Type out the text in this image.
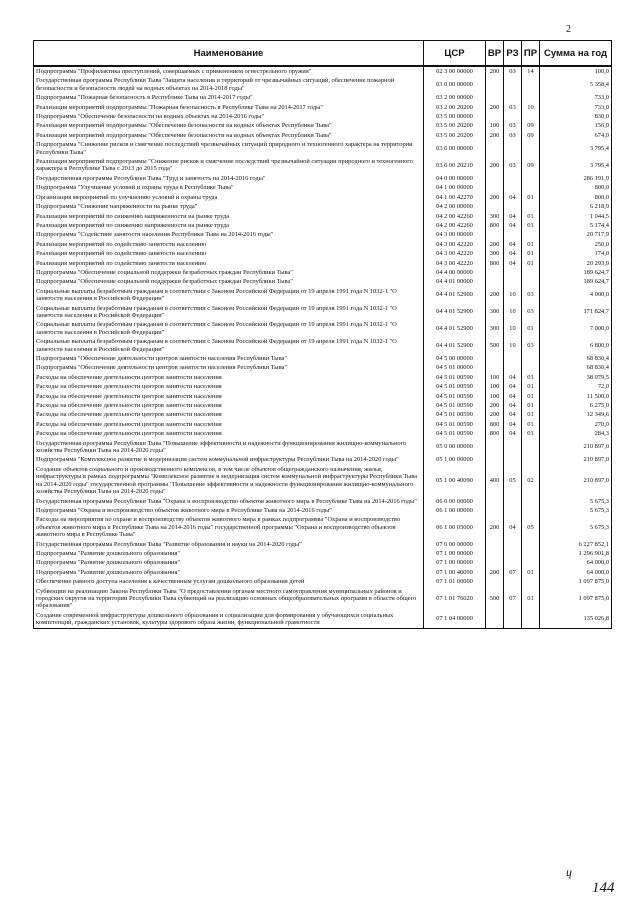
2
Наименование	ЦСР	ВР	РЗ	ПР	Сумма на год
Подпрограмма "Профилактика преступлений, совершаемых с применением огнестрельного оружия"	02 3 00 00000	200	03	14	100,0
Государственная программа Республики Тыва "Защита населения и территорий от чрезвычайных ситуаций, обеспечение пожарной безопасности и безопасности людей на водных объектах на 2014-2018 годы"	03 0 00 00000				5 358,4
Подпрограмма "Пожарная безопасность в Республике Тыва на 2014-2017 годы"	03 2 00 00000				733,0
Реализация мероприятий подпрограммы "Пожарная безопасность в Республике Тыва на 2014-2017 годы"	03 2 00 20200	200	03	10	733,0
Подпрограмма "Обеспечение безопасности на водных объектах на 2014-2016 годы"	03 5 00 00000				830,0
Реализация мероприятий подпрограммы "Обеспечение безопасности на водных объектах Республики Тыва"	03 5 00 20200	100	03	09	156,0
Реализация мероприятий подпрограммы "Обеспечение безопасности на водных объектах Республики Тыва"	03 5 00 20200	200	03	09	674,0
Подпрограмма "Снижение рисков и смягчение последствий чрезвычайных ситуаций природного и техногенного характера на территории Республики Тыва"	03 6 00 00000				3 795,4
Реализация мероприятий подпрограммы "Снижение рисков и смягчение последствий чрезвычайной ситуации природного и техногенного характера в Республике Тыва с 2013 до 2015 года"	03 6 00 20210	200	03	09	3 795,4
Государственная программа Республики Тыва "Труд и занятость на 2014-2016 годы"	04 0 00 00000				286 191,9
Подпрограмма "Улучшение условий и охраны труда в Республике Тыва"	04 1 00 00000				800,0
Организация мероприятий по улучшению условий и охраны труда	04 1 00 42270	200	04	01	800,0
Подпрограмма "Снижение напряженности на рынке труда"	04 2 00 00000				6 218,9
Реализация мероприятий по снижению напряженности на рынке труда	04 2 00 42260	300	04	01	1 044,5
Реализация мероприятий по снижению напряженности на рынке труда	04 2 00 42260	800	04	01	5 174,4
Подпрограмма "Содействие занятости населения Республики Тыва на 2014-2016 годы"	04 3 00 00000				20 717,9
Реализация мероприятий по содействию занятости населению	04 3 00 42220	200	04	01	250,0
Реализация мероприятий по содействию занятости населению	04 3 00 42220	300	04	01	174,0
Реализация мероприятий по содействию занятости населению	04 3 00 42220	800	04	01	20 293,9
Подпрограмма "Обеспечение социальной поддержки безработных граждан Республики Тыва"	04 4 00 00000				189 624,7
Подпрограмма "Обеспечение социальной поддержки безработных граждан Республики Тыва"	04 4 01 00000				189 624,7
Социальные выплаты безработным гражданам в соответствии с Законом Российской Федерации от 19 апреля 1991 года N 1032-1 "О занятости населения в Российской Федерации"	04 4 01 52900	200	10	03	4 000,0
Социальные выплаты безработным гражданам в соответствии с Законом Российской Федерации от 19 апреля 1991 года N 1032-1 "О занятости населения в Российской Федерации"	04 4 01 52900	300	10	03	171 824,7
Социальные выплаты безработным гражданам в соответствии с Законом Российской Федерации от 19 апреля 1991 года N 1032-1 "О занятости населения в Российской Федерации"	04 4 01 52900	300	10	01	7 000,0
Социальные выплаты безработным гражданам в соответствии с Законом Российской Федерации от 19 апреля 1991 года N 1032-1 "О занятости населения в Российской Федерации"	04 4 01 52900	500	10	03	6 800,0
Подпрограмма "Обеспечение деятельности центров занятости населения Республики Тыва"	04 5 00 00000				68 830,4
Подпрограмма "Обеспечение деятельности центров занятости населения Республики Тыва"	04 5 01 00000				68 830,4
Расходы на обеспечение деятельности центров занятости населения	04 5 01 00590	100	04	01	38 079,5
Расходы на обеспечение деятельности центров занятости населения	04 5 01 00590	100	04	01	72,0
Расходы на обеспечение деятельности центров занятости населения	04 5 01 00590	100	04	01	11 500,0
Расходы на обеспечение деятельности центров занятости населения	04 5 01 00590	200	04	01	6 275,0
Расходы на обеспечение деятельности центров занятости населения	04 5 01 00590	200	04	01	12 349,6
Расходы на обеспечение деятельности центров занятости населения	04 5 01 00590	800	04	01	270,0
Расходы на обеспечение деятельности центров занятости населения	04 5 01 00590	800	04	01	284,3
Государственная программа Республики Тыва "Повышение эффективности и надежности функционирования жилищно-коммунального хозяйства Республики Тыва на 2014-2020 годы"	05 0 00 00000				210 897,0
Подпрограмма "Комплексное развитие и модернизация систем коммунальной инфраструктуры Республики Тыва на 2014-2020 годы"	05 1 00 00000				210 897,0
Создание объектов социального и производственного комплексов, в том числе объектов общегражданского назначения, жилья, инфраструктуры в рамках подпрограммы "Комплексное развитие и модернизация систем коммунальной инфраструктуры Республики Тыва на 2014-2020 годы" государственной программы "Повышение эффективности и надежности функционирования жилищно-коммунального хозяйства Республики Тыва на 2014-2020 годы"	05 1 00 40090	400	05	02	210 897,0
Государственная программа Республики Тыва "Охрана и воспроизводство объектов животного мира в Республике Тыва на 2014-2016 годы"	06 0 00 00000				5 675,3
Подпрограмма "Охрана и воспроизводство объектов животного мира в Республике Тыва на 2014-2016 годы"	06 1 00 00000				5 675,3
Расходы на мероприятия по охране и воспроизводству объектов животного мира в рамках подпрограммы "Охрана и воспроизводство объектов животного мира в Республике Тыва на 2014-2016 годы" государственной программы "Охрана и воспроизводство объектов животного мира в Республике Тыва"	06 1 00 05000	200	04	05	5 675,3
Государственная программа Республики Тыва "Развитие образования и науки на 2014-2020 годы"	07 0 00 00000				6 227 852,1
Подпрограмма "Развитие дошкольного образования"	07 1 00 00000				1 296 901,8
Подпрограмма "Развитие дошкольного образования"	07 1 00 00000				64 000,0
Подпрограмма "Развитие дошкольного образования"	07 1 00 40090	200	07	01	64 000,0
Обеспечение равного доступа населения к качественным услугам дошкольного образования детей	07 1 01 00000				1 097 875,0
Субвенции на реализацию Закона Республики Тыва "О предоставлении органам местного самоуправления муниципальных районов и городских округов на территории Республики Тыва субвенций на реализацию основных общеобразовательных программ в области общего образования"	07 1 01 76020	500	07	01	1 097 875,0
Создание современной инфраструктуры дошкольного образования и социализации для формирования у обучающихся социальных компетенций, гражданских установок, культуры здорового образа жизни, функциональной грамотности	07 1 04 00000				135 026,8
ɥ
144
